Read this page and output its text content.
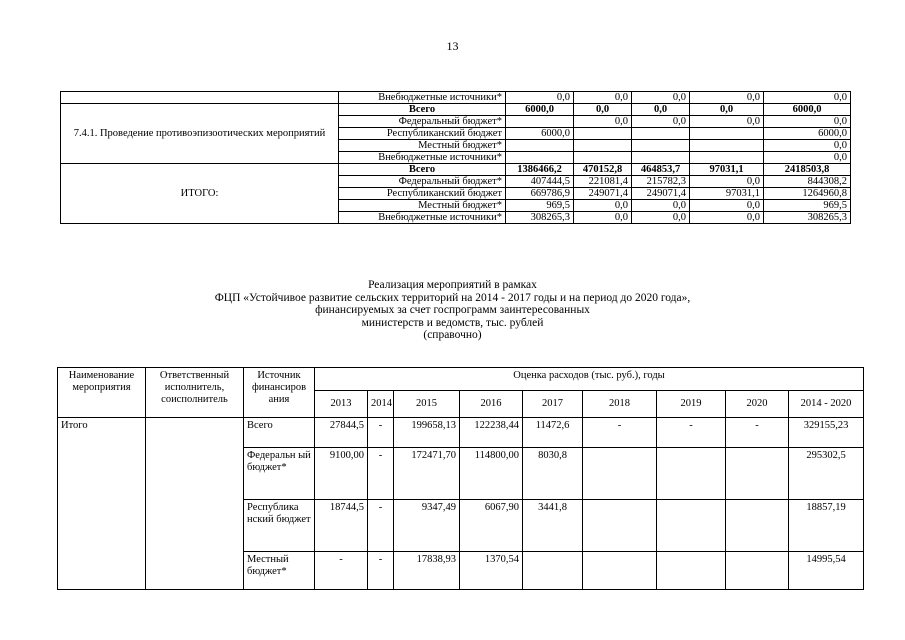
13
	Внебюджетные источники*	0,0	0,0	0,0	0,0	0,0
7.4.1. Проведение противоэпизоотических мероприятий	Всего	6000,0	0,0	0,0	0,0	6000,0
	Федеральный бюджет*		0,0	0,0	0,0	0,0
	Республиканский бюджет	6000,0				6000,0
	Местный бюджет*					0,0
	Внебюджетные источники*					0,0
ИТОГО:	Всего	1386466,2	470152,8	464853,7	97031,1	2418503,8
	Федеральный бюджет*	407444,5	221081,4	215782,3	0,0	844308,2
	Республиканский бюджет	669786,9	249071,4	249071,4	97031,1	1264960,8
	Местный бюджет*	969,5	0,0	0,0	0,0	969,5
	Внебюджетные источники*	308265,3	0,0	0,0	0,0	308265,3
Реализация мероприятий в рамках
ФЦП «Устойчивое развитие сельских территорий на 2014 - 2017 годы и на период до 2020 года»,
финансируемых за счет госпрограмм заинтересованных
министерств и ведомств, тыс. рублей
(справочно)
Наименование мероприятия	Ответственный исполнитель, соисполнитель	Источник финансиров ания	Оценка расходов (тыс. руб.), годы								
			2013	2014	2015	2016	2017	2018	2019	2020	2014 - 2020
Итого		Всего	27844,5	-	199658,13	122238,44	11472,6	-	-	-	329155,23
		Федеральн ый бюджет*	9100,00	-	172471,70	114800,00	8030,8				295302,5
		Республика нский бюджет	18744,5	-	9347,49	6067,90	3441,8				18857,19
		Местный бюджет*	-	-	17838,93	1370,54					14995,54
